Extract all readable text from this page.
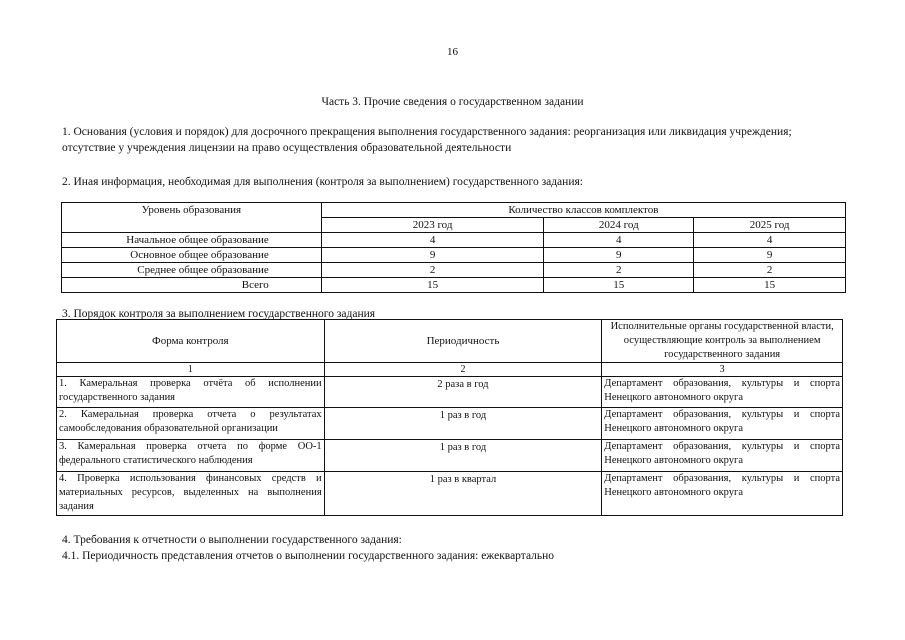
16
Часть 3. Прочие сведения о государственном задании
1. Основания (условия и порядок) для досрочного прекращения выполнения государственного задания: реорганизация или ликвидация учреждения;
отсутствие у учреждения лицензии на право осуществления образовательной деятельности
2. Иная информация, необходимая для выполнения (контроля за выполнением) государственного задания:
Уровень образования	Количество классов комплектов		
	2023 год	2024 год	2025 год
Начальное общее образование	4	4	4
Основное общее образование	9	9	9
Среднее общее образование	2	2	2
Всего	15	15	15
3. Порядок контроля за выполнением государственного задания
Форма контроля	Периодичность	Исполнительные органы государственной власти, осуществляющие контроль за выполнением государственного задания
1	2	3
1. Камеральная проверка отчёта об исполнении государственного задания	2 раза в год	Департамент образования, культуры и спорта Ненецкого автономного округа
2. Камеральная проверка отчета о результатах самообследования образовательной организации	1 раз в год	Департамент образования, культуры и спорта Ненецкого автономного округа
3. Камеральная проверка отчета по форме ОО-1 федерального статистического наблюдения	1 раз в год	Департамент образования, культуры и спорта Ненецкого автономного округа
4. Проверка использования финансовых средств и материальных ресурсов, выделенных на выполнения задания	1 раз в квартал	Департамент образования, культуры и спорта Ненецкого автономного округа
4. Требования к отчетности о выполнении государственного задания:
4.1. Периодичность представления отчетов о выполнении государственного задания: ежеквартально
